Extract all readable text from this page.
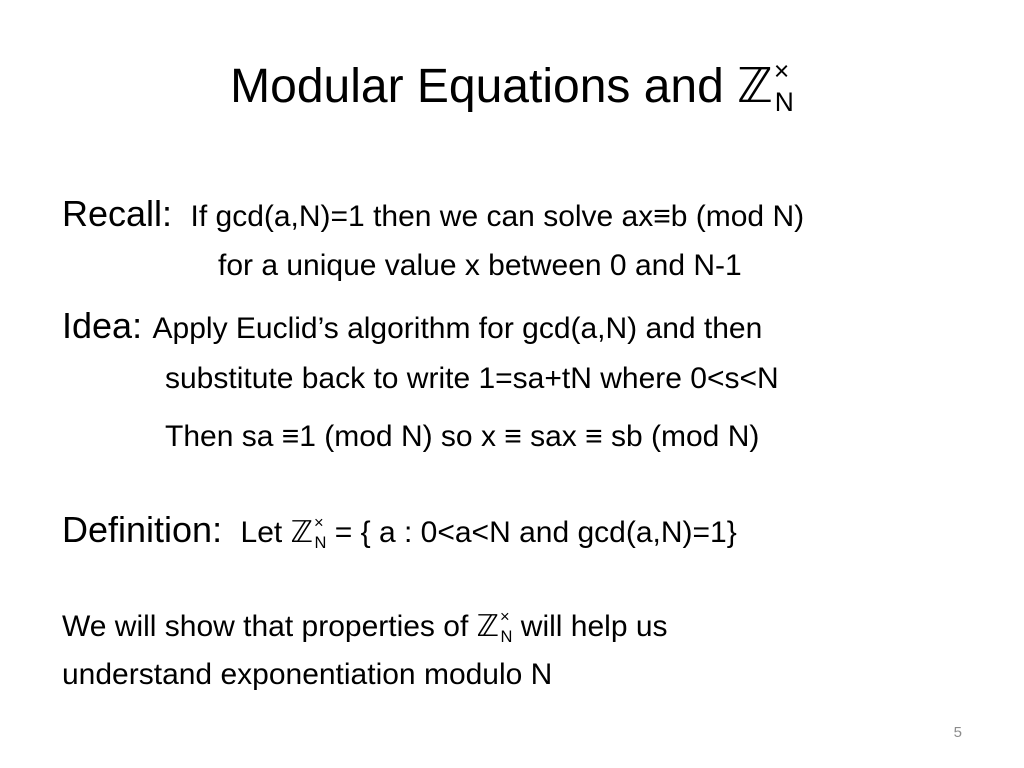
Modular Equations and ℤ×N
Recall: If gcd(a,N)=1 then we can solve ax≡b (mod N)
for a unique value x between 0 and N-1
Idea: Apply Euclid’s algorithm for gcd(a,N) and then
substitute back to write 1=sa+tN where 0<s<N
Then sa ≡1 (mod N) so x ≡ sax ≡ sb (mod N)
Definition: Let ℤ×N = { a : 0<a<N and gcd(a,N)=1}
We will show that properties of ℤ×N will help us
understand exponentiation modulo N
5
